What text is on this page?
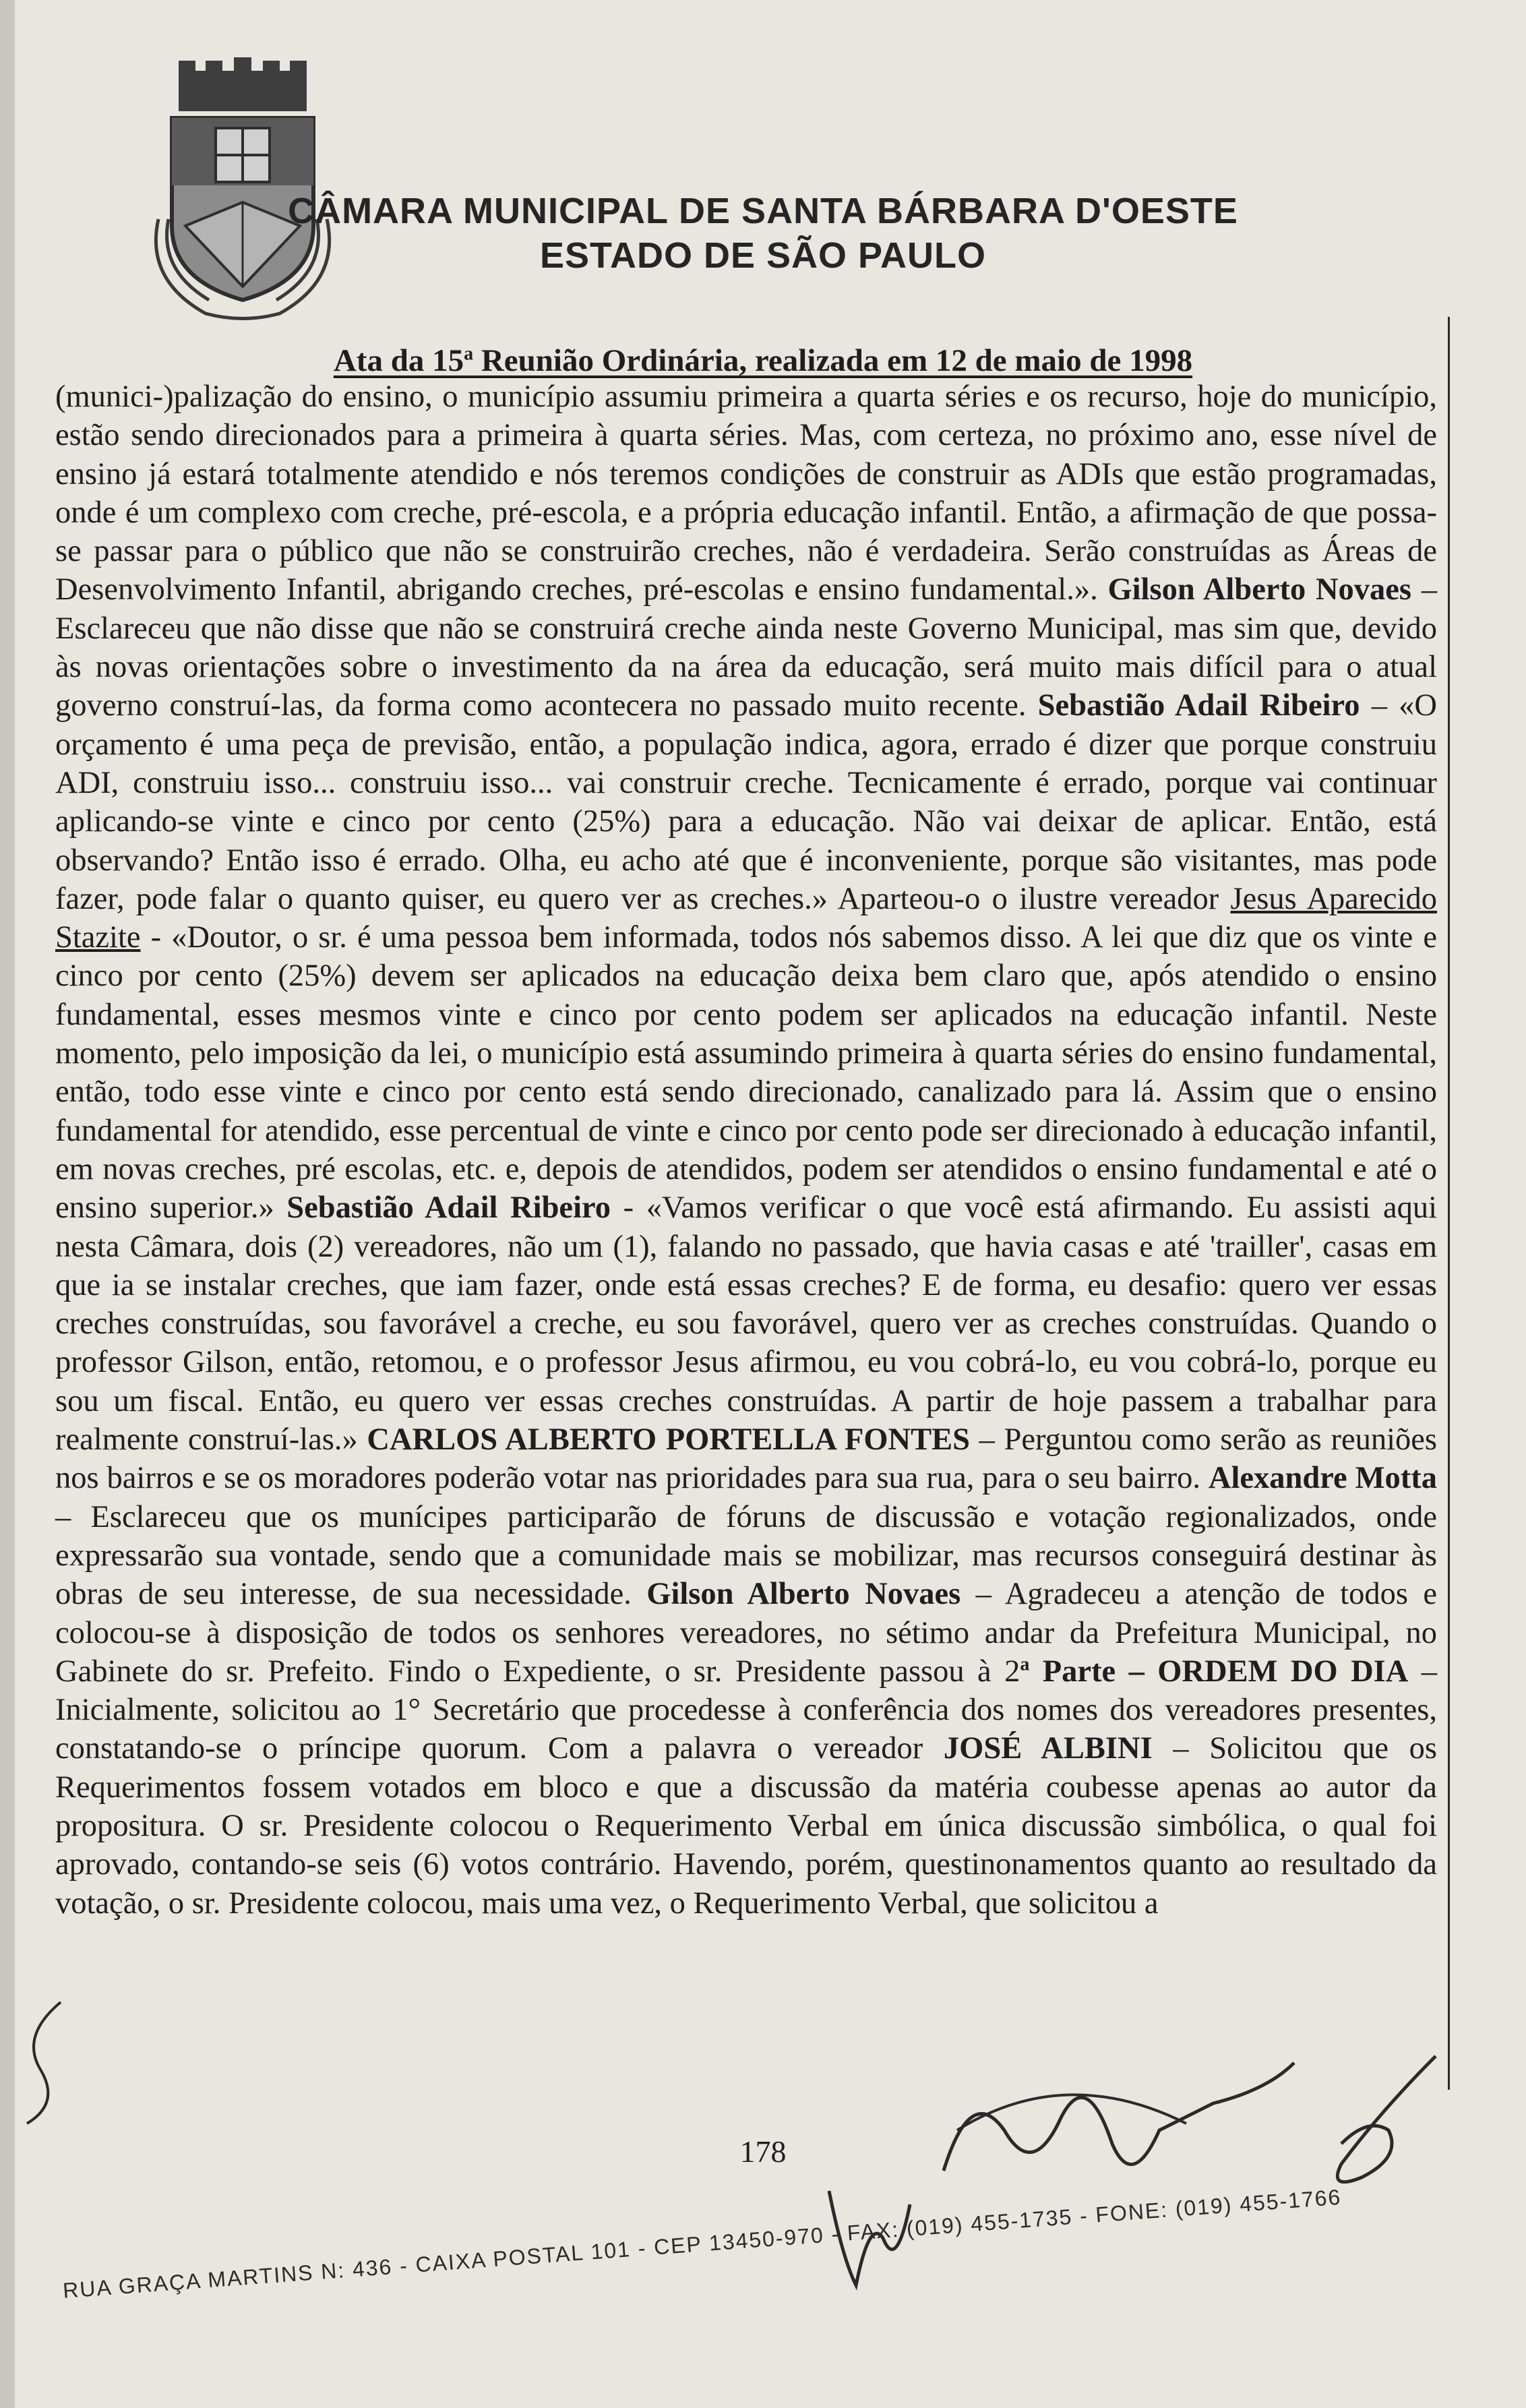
CÂMARA MUNICIPAL DE SANTA BÁRBARA D'OESTE
ESTADO DE SÃO PAULO
Ata da 15$^a$ Reunião Ordinária, realizada em 12 de maio de 1998

(munici-)palização do ensino, o município assumiu primeira a quarta séries e os recurso, hoje do município, estão sendo direcionados para a primeira à quarta séries. Mas, com certeza, no próximo ano, esse nível de ensino já estará totalmente atendido e nós teremos condições de construir as ADIs que estão programadas, onde é um complexo com creche, pré-escola, e a própria educação infantil. Então, a afirmação de que possa-se passar para o público que não se construirão creches, não é verdadeira. Serão construídas as Áreas de Desenvolvimento Infantil, abrigando creches, pré-escolas e ensino fundamental.». Gilson Alberto Novaes – Esclareceu que não disse que não se construirá creche ainda neste Governo Municipal, mas sim que, devido às novas orientações sobre o investimento da na área da educação, será muito mais difícil para o atual governo construí-las, da forma como acontecera no passado muito recente. Sebastião Adail Ribeiro – «O orçamento é uma peça de previsão, então, a população indica, agora, errado é dizer que porque construiu ADI, construiu isso... construiu isso... vai construir creche. Tecnicamente é errado, porque vai continuar aplicando-se vinte e cinco por cento (25%) para a educação. Não vai deixar de aplicar. Então, está observando? Então isso é errado. Olha, eu acho até que é inconveniente, porque são visitantes, mas pode fazer, pode falar o quanto quiser, eu quero ver as creches.» Aparteou-o o ilustre vereador Jesus Aparecido Stazite - «Doutor, o sr. é uma pessoa bem informada, todos nós sabemos disso. A lei que diz que os vinte e cinco por cento (25%) devem ser aplicados na educação deixa bem claro que, após atendido o ensino fundamental, esses mesmos vinte e cinco por cento podem ser aplicados na educação infantil. Neste momento, pelo imposição da lei, o município está assumindo primeira à quarta séries do ensino fundamental, então, todo esse vinte e cinco por cento está sendo direcionado, canalizado para lá. Assim que o ensino fundamental for atendido, esse percentual de vinte e cinco por cento pode ser direcionado à educação infantil, em novas creches, pré escolas, etc. e, depois de atendidos, podem ser atendidos o ensino fundamental e até o ensino superior.» Sebastião Adail Ribeiro - «Vamos verificar o que você está afirmando. Eu assisti aqui nesta Câmara, dois (2) vereadores, não um (1), falando no passado, que havia casas e até 'trailler', casas em que ia se instalar creches, que iam fazer, onde está essas creches? E de forma, eu desafio: quero ver essas creches construídas, sou favorável a creche, eu sou favorável, quero ver as creches construídas. Quando o professor Gilson, então, retomou, e o professor Jesus afirmou, eu vou cobrá-lo, eu vou cobrá-lo, porque eu sou um fiscal. Então, eu quero ver essas creches construídas. A partir de hoje passem a trabalhar para realmente construí-las.» CARLOS ALBERTO PORTELLA FONTES – Perguntou como serão as reuniões nos bairros e se os moradores poderão votar nas prioridades para sua rua, para o seu bairro. Alexandre Motta – Esclareceu que os munícipes participarão de fóruns de discussão e votação regionalizados, onde expressarão sua vontade, sendo que a comunidade mais se mobilizar, mas recursos conseguirá destinar às obras de seu interesse, de sua necessidade. Gilson Alberto Novaes – Agradeceu a atenção de todos e colocou-se à disposição de todos os senhores vereadores, no sétimo andar da Prefeitura Municipal, no Gabinete do sr. Prefeito. Findo o Expediente, o sr. Presidente passou à 2$^a$ Parte – ORDEM DO DIA – Inicialmente, solicitou ao 1° Secretário que procedesse à conferência dos nomes dos vereadores presentes, constatando-se o príncipe quorum. Com a palavra o vereador JOSÉ ALBINI – Solicitou que os Requerimentos fossem votados em bloco e que a discussão da matéria coubesse apenas ao autor da propositura. O sr. Presidente colocou o Requerimento Verbal em única discussão simbólica, o qual foi aprovado, contando-se seis (6) votos contrário. Havendo, porém, questinonamentos quanto ao resultado da votação, o sr. Presidente colocou, mais uma vez, o Requerimento Verbal, que solicitou a

178
RUA GRAÇA MARTINS N: 436 - CAIXA POSTAL 101 - CEP 13450-970 - FAX: (019) 455-1735 - FONE: (019) 455-1766
